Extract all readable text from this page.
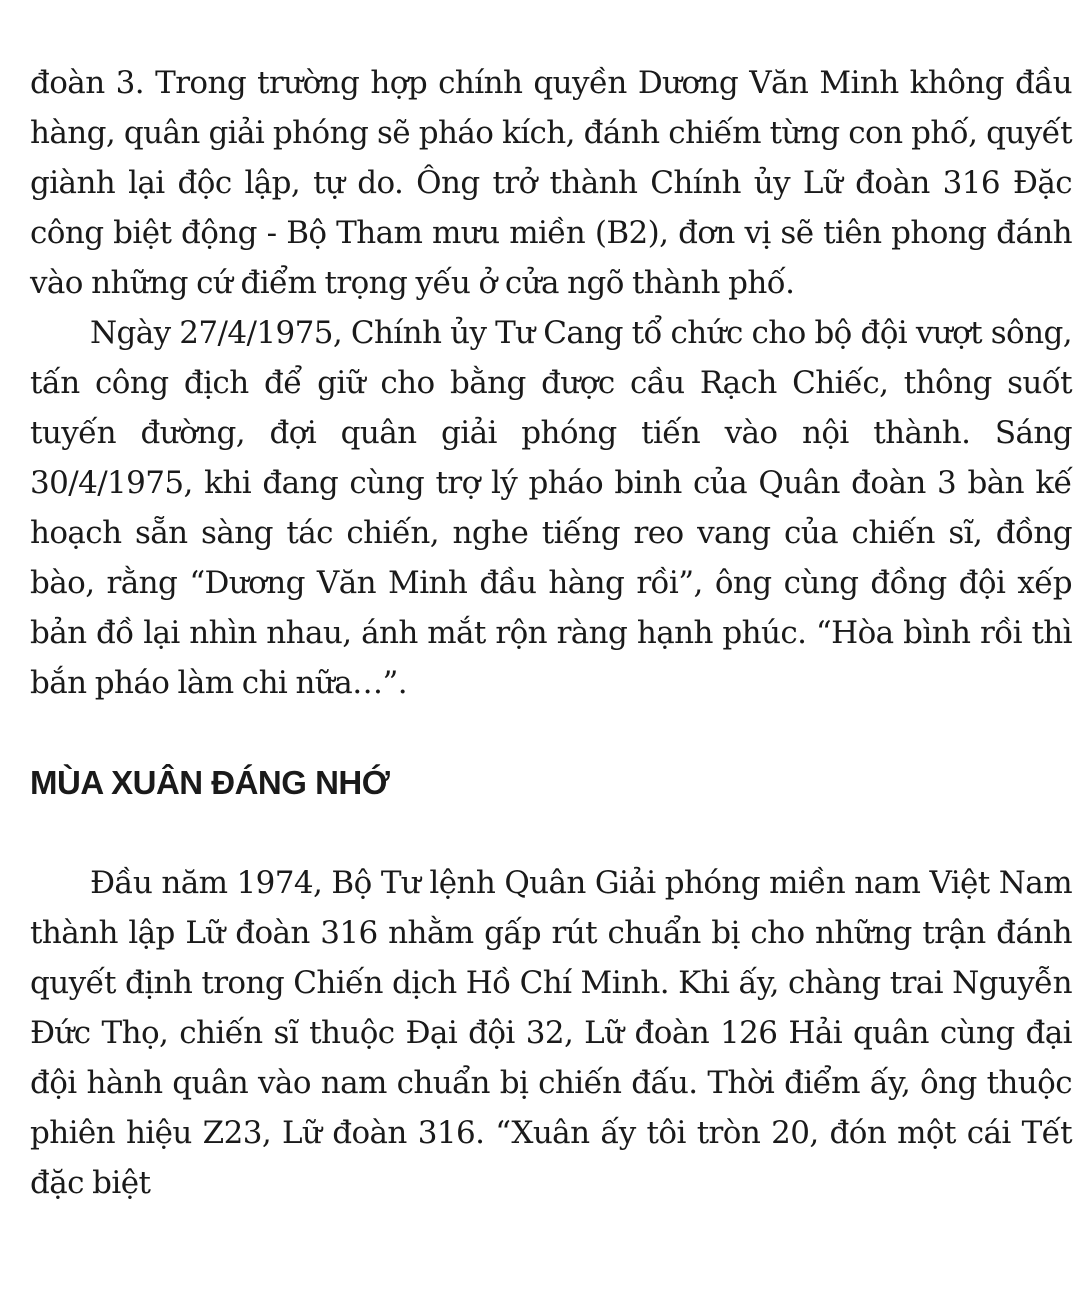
đoàn 3. Trong trường hợp chính quyền Dương Văn Minh không đầu hàng, quân giải phóng sẽ pháo kích, đánh chiếm từng con phố, quyết giành lại độc lập, tự do. Ông trở thành Chính ủy Lữ đoàn 316 Đặc công biệt động - Bộ Tham mưu miền (B2), đơn vị sẽ tiên phong đánh vào những cứ điểm trọng yếu ở cửa ngõ thành phố.

Ngày 27/4/1975, Chính ủy Tư Cang tổ chức cho bộ đội vượt sông, tấn công địch để giữ cho bằng được cầu Rạch Chiếc, thông suốt tuyến đường, đợi quân giải phóng tiến vào nội thành. Sáng 30/4/1975, khi đang cùng trợ lý pháo binh của Quân đoàn 3 bàn kế hoạch sẵn sàng tác chiến, nghe tiếng reo vang của chiến sĩ, đồng bào, rằng “Dương Văn Minh đầu hàng rồi”, ông cùng đồng đội xếp bản đồ lại nhìn nhau, ánh mắt rộn ràng hạnh phúc. “Hòa bình rồi thì bắn pháo làm chi nữa…”.

MÙA XUÂN ĐÁNG NHỚ

Đầu năm 1974, Bộ Tư lệnh Quân Giải phóng miền nam Việt Nam thành lập Lữ đoàn 316 nhằm gấp rút chuẩn bị cho những trận đánh quyết định trong Chiến dịch Hồ Chí Minh. Khi ấy, chàng trai Nguyễn Đức Thọ, chiến sĩ thuộc Đại đội 32, Lữ đoàn 126 Hải quân cùng đại đội hành quân vào nam chuẩn bị chiến đấu. Thời điểm ấy, ông thuộc phiên hiệu Z23, Lữ đoàn 316. “Xuân ấy tôi tròn 20, đón một cái Tết đặc biệt
